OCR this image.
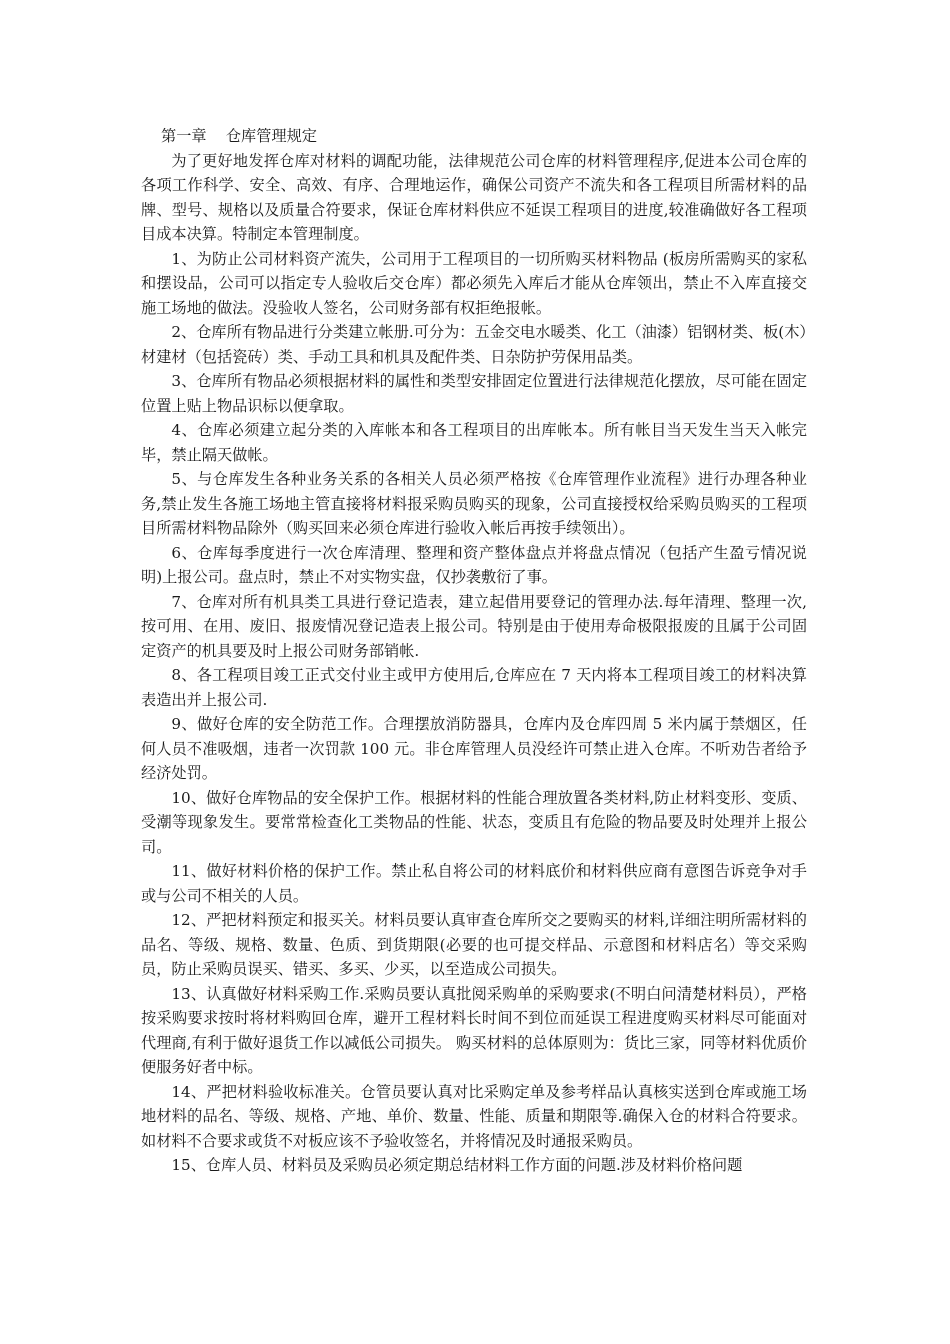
第一章    仓库管理规定

为了更好地发挥仓库对材料的调配功能，法律规范公司仓库的材料管理程序,促进本公司仓库的各项工作科学、安全、高效、有序、合理地运作，确保公司资产不流失和各工程项目所需材料的品牌、型号、规格以及质量合符要求，保证仓库材料供应不延误工程项目的进度,较准确做好各工程项目成本决算。特制定本管理制度。

1、为防止公司材料资产流失，公司用于工程项目的一切所购买材料物品 (板房所需购买的家私和摆设品，公司可以指定专人验收后交仓库）都必须先入库后才能从仓库领出，禁止不入库直接交施工场地的做法。没验收人签名，公司财务部有权拒绝报帐。

2、仓库所有物品进行分类建立帐册.可分为：五金交电水暖类、化工（油漆）铝钢材类、板(木）材建材（包括瓷砖）类、手动工具和机具及配件类、日杂防护劳保用品类。

3、仓库所有物品必须根据材料的属性和类型安排固定位置进行法律规范化摆放，尽可能在固定位置上贴上物品识标以便拿取。

4、仓库必须建立起分类的入库帐本和各工程项目的出库帐本。所有帐目当天发生当天入帐完毕，禁止隔天做帐。

5、与仓库发生各种业务关系的各相关人员必须严格按《仓库管理作业流程》进行办理各种业务,禁止发生各施工场地主管直接将材料报采购员购买的现象，公司直接授权给采购员购买的工程项目所需材料物品除外（购买回来必须仓库进行验收入帐后再按手续领出）。

6、仓库每季度进行一次仓库清理、整理和资产整体盘点并将盘点情况（包括产生盈亏情况说明)上报公司。盘点时，禁止不对实物实盘，仅抄袭敷衍了事。

7、仓库对所有机具类工具进行登记造表，建立起借用要登记的管理办法.每年清理、整理一次,按可用、在用、废旧、报废情况登记造表上报公司。特别是由于使用寿命极限报废的且属于公司固定资产的机具要及时上报公司财务部销帐.

8、各工程项目竣工正式交付业主或甲方使用后,仓库应在 7 天内将本工程项目竣工的材料决算表造出并上报公司.

9、做好仓库的安全防范工作。合理摆放消防器具，仓库内及仓库四周 5 米内属于禁烟区，任何人员不准吸烟，违者一次罚款 100 元。非仓库管理人员没经许可禁止进入仓库。不听劝告者给予经济处罚。

10、做好仓库物品的安全保护工作。根据材料的性能合理放置各类材料,防止材料变形、变质、受潮等现象发生。要常常检查化工类物品的性能、状态，变质且有危险的物品要及时处理并上报公司。

11、做好材料价格的保护工作。禁止私自将公司的材料底价和材料供应商有意图告诉竞争对手或与公司不相关的人员。

12、严把材料预定和报买关。材料员要认真审查仓库所交之要购买的材料,详细注明所需材料的品名、等级、规格、数量、色质、到货期限(必要的也可提交样品、示意图和材料店名）等交采购员，防止采购员误买、错买、多买、少买，以至造成公司损失。

13、认真做好材料采购工作.采购员要认真批阅采购单的采购要求(不明白问清楚材料员），严格按采购要求按时将材料购回仓库，避开工程材料长时间不到位而延误工程进度购买材料尽可能面对代理商,有利于做好退货工作以减低公司损失。 购买材料的总体原则为：货比三家，同等材料优质价便服务好者中标。

14、严把材料验收标准关。仓管员要认真对比采购定单及参考样品认真核实送到仓库或施工场地材料的品名、等级、规格、产地、单价、数量、性能、质量和期限等.确保入仓的材料合符要求。如材料不合要求或货不对板应该不予验收签名，并将情况及时通报采购员。

15、仓库人员、材料员及采购员必须定期总结材料工作方面的问题.涉及材料价格问题
